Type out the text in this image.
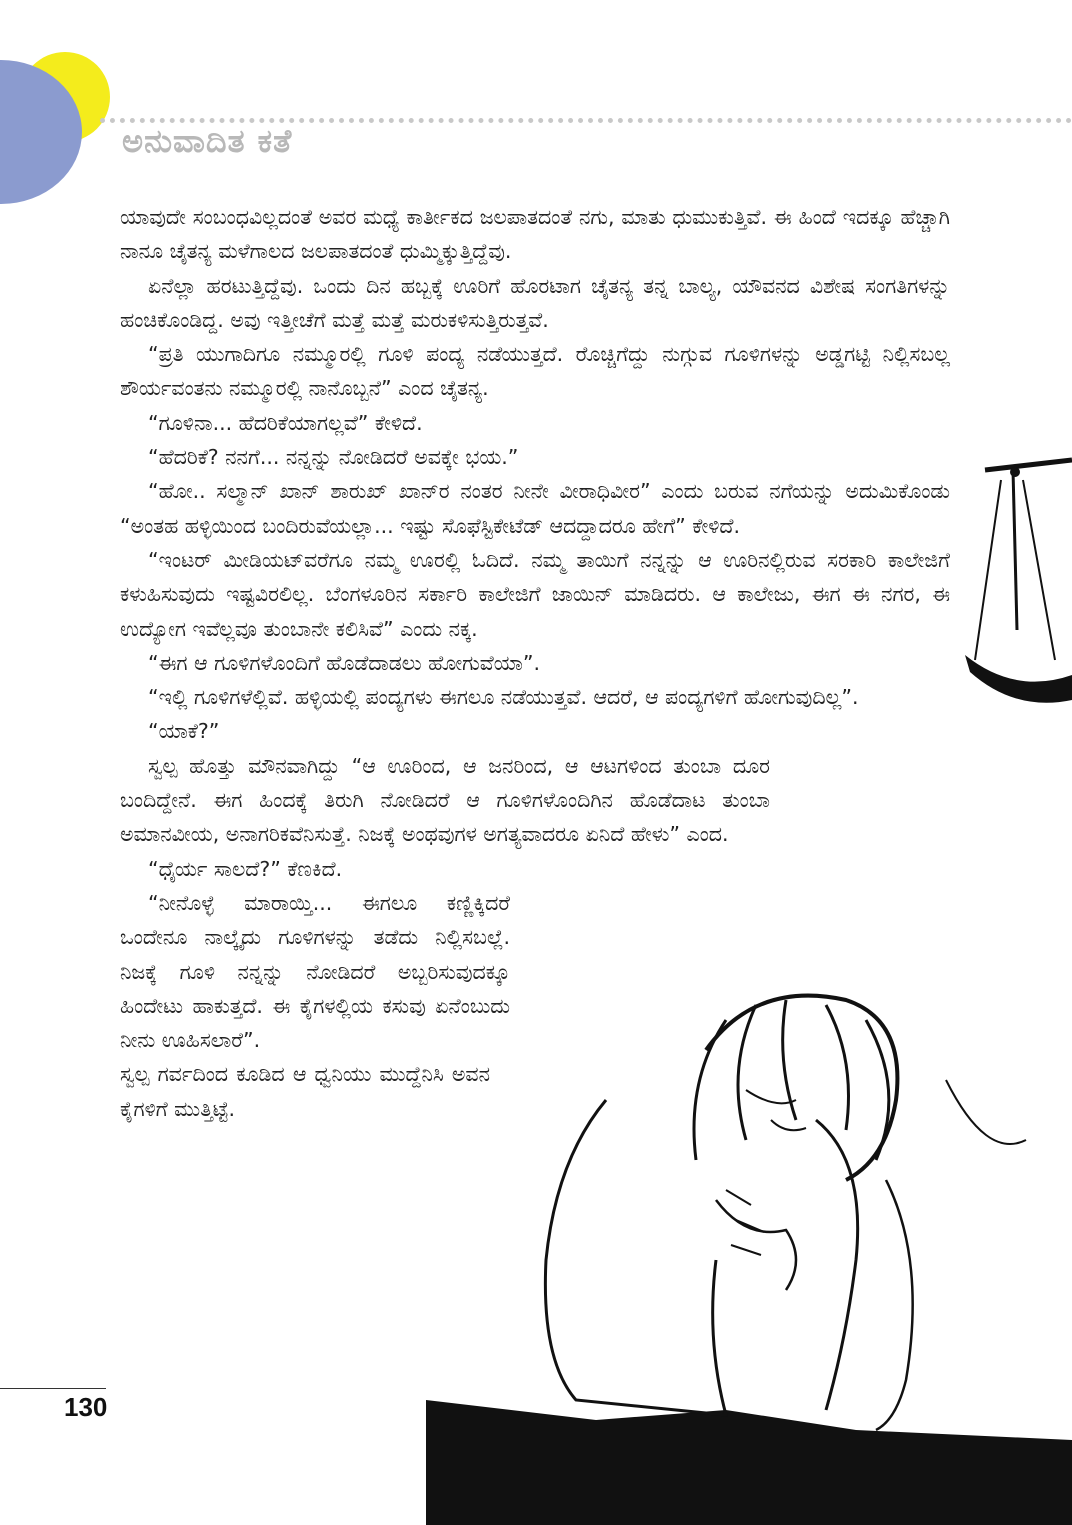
ಅನುವಾದಿತ ಕತೆ

ಯಾವುದೇ ಸಂಬಂಧವಿಲ್ಲದಂತೆ ಅವರ ಮಧ್ಯೆ ಕಾರ್ತೀಕದ ಜಲಪಾತದಂತೆ ನಗು, ಮಾತು ಧುಮುಕುತ್ತಿವೆ. ಈ ಹಿಂದೆ ಇದಕ್ಕೂ ಹೆಚ್ಚಾಗಿ ನಾನೂ ಚೈತನ್ಯ ಮಳೆಗಾಲದ ಜಲಪಾತದಂತೆ ಧುಮ್ಮಿಕ್ಕುತ್ತಿದ್ದೆವು.

ಏನೆಲ್ಲಾ ಹರಟುತ್ತಿದ್ದೆವು. ಒಂದು ದಿನ ಹಬ್ಬಕ್ಕೆ ಊರಿಗೆ ಹೊರಟಾಗ ಚೈತನ್ಯ ತನ್ನ ಬಾಲ್ಯ, ಯೌವನದ ವಿಶೇಷ ಸಂಗತಿಗಳನ್ನು ಹಂಚಿಕೊಂಡಿದ್ದ. ಅವು ಇತ್ತೀಚೆಗೆ ಮತ್ತೆ ಮತ್ತೆ ಮರುಕಳಿಸುತ್ತಿರುತ್ತವೆ.

“ಪ್ರತಿ ಯುಗಾದಿಗೂ ನಮ್ಮೂರಲ್ಲಿ ಗೂಳಿ ಪಂದ್ಯ ನಡೆಯುತ್ತದೆ. ರೊಚ್ಚಿಗೆದ್ದು ನುಗ್ಗುವ ಗೂಳಿಗಳನ್ನು ಅಡ್ಡಗಟ್ಟಿ ನಿಲ್ಲಿಸಬಲ್ಲ ಶೌರ್ಯವಂತನು ನಮ್ಮೂರಲ್ಲಿ ನಾನೊಬ್ಬನೆ” ಎಂದ ಚೈತನ್ಯ.

“ಗೂಳಿನಾ... ಹೆದರಿಕೆಯಾಗಲ್ಲವೆ” ಕೇಳಿದೆ.

“ಹೆದರಿಕೆ? ನನಗೆ... ನನ್ನನ್ನು ನೋಡಿದರೆ ಅವಕ್ಕೇ ಭಯ.”

“ಹೋ.. ಸಲ್ಮಾನ್ ಖಾನ್ ಶಾರುಖ್ ಖಾನ್‌ರ ನಂತರ ನೀನೇ ವೀರಾಧಿವೀರ” ಎಂದು ಬರುವ ನಗೆಯನ್ನು ಅದುಮಿಕೊಂಡು “ಅಂತಹ ಹಳ್ಳಿಯಿಂದ ಬಂದಿರುವೆಯಲ್ಲಾ... ಇಷ್ಟು ಸೊಫೆಸ್ಟಿಕೇಟೆಡ್ ಆದದ್ದಾದರೂ ಹೇಗೆ” ಕೇಳಿದೆ.

“ಇಂಟರ್ ಮೀಡಿಯಟ್‌ವರೆಗೂ ನಮ್ಮ ಊರಲ್ಲಿ ಓದಿದೆ. ನಮ್ಮ ತಾಯಿಗೆ ನನ್ನನ್ನು ಆ ಊರಿನಲ್ಲಿರುವ ಸರಕಾರಿ ಕಾಲೇಜಿಗೆ ಕಳುಹಿಸುವುದು ಇಷ್ಟವಿರಲಿಲ್ಲ. ಬೆಂಗಳೂರಿನ ಸರ್ಕಾರಿ ಕಾಲೇಜಿಗೆ ಜಾಯಿನ್ ಮಾಡಿದರು. ಆ ಕಾಲೇಜು, ಈಗ ಈ ನಗರ, ಈ ಉದ್ಯೋಗ ಇವೆಲ್ಲವೂ ತುಂಬಾನೇ ಕಲಿಸಿವೆ” ಎಂದು ನಕ್ಕ.

“ಈಗ ಆ ಗೂಳಿಗಳೊಂದಿಗೆ ಹೊಡೆದಾಡಲು ಹೋಗುವೆಯಾ”.

“ಇಲ್ಲಿ ಗೂಳಿಗಳೆಲ್ಲಿವೆ. ಹಳ್ಳಿಯಲ್ಲಿ ಪಂದ್ಯಗಳು ಈಗಲೂ ನಡೆಯುತ್ತವೆ. ಆದರೆ, ಆ ಪಂದ್ಯಗಳಿಗೆ ಹೋಗುವುದಿಲ್ಲ”.

“ಯಾಕೆ?”

ಸ್ವಲ್ಪ ಹೊತ್ತು ಮೌನವಾಗಿದ್ದು “ಆ ಊರಿಂದ, ಆ ಜನರಿಂದ, ಆ ಆಟಗಳಿಂದ ತುಂಬಾ ದೂರ ಬಂದಿದ್ದೇನೆ. ಈಗ ಹಿಂದಕ್ಕೆ ತಿರುಗಿ ನೋಡಿದರೆ ಆ ಗೂಳಿಗಳೊಂದಿಗಿನ ಹೊಡೆದಾಟ ತುಂಬಾ ಅಮಾನವೀಯ, ಅನಾಗರಿಕವೆನಿಸುತ್ತೆ. ನಿಜಕ್ಕೆ ಅಂಥವುಗಳ ಅಗತ್ಯವಾದರೂ ಏನಿದೆ ಹೇಳು” ಎಂದ.

“ಧೈರ್ಯ ಸಾಲದೆ?” ಕೆಣಕಿದೆ.

“ನೀನೊಳ್ಳೆ ಮಾರಾಯ್ತಿ... ಈಗಲೂ ಕಣ್ಣಿಕ್ಕಿದರೆ ಒಂದೇನೂ ನಾಲ್ಕೈದು ಗೂಳಿಗಳನ್ನು ತಡೆದು ನಿಲ್ಲಿಸಬಲ್ಲೆ. ನಿಜಕ್ಕೆ ಗೂಳಿ ನನ್ನನ್ನು ನೋಡಿದರೆ ಅಬ್ಬರಿಸುವುದಕ್ಕೂ ಹಿಂದೇಟು ಹಾಕುತ್ತದೆ. ಈ ಕೈಗಳಲ್ಲಿಯ ಕಸುವು ಏನೆಂಬುದು ನೀನು ಊಹಿಸಲಾರೆ”.

ಸ್ವಲ್ಪ ಗರ್ವದಿಂದ ಕೂಡಿದ ಆ ಧ್ವನಿಯು ಮುದ್ದೆನಿಸಿ ಅವನ ಕೈಗಳಿಗೆ ಮುತ್ತಿಟ್ಟೆ.

130
